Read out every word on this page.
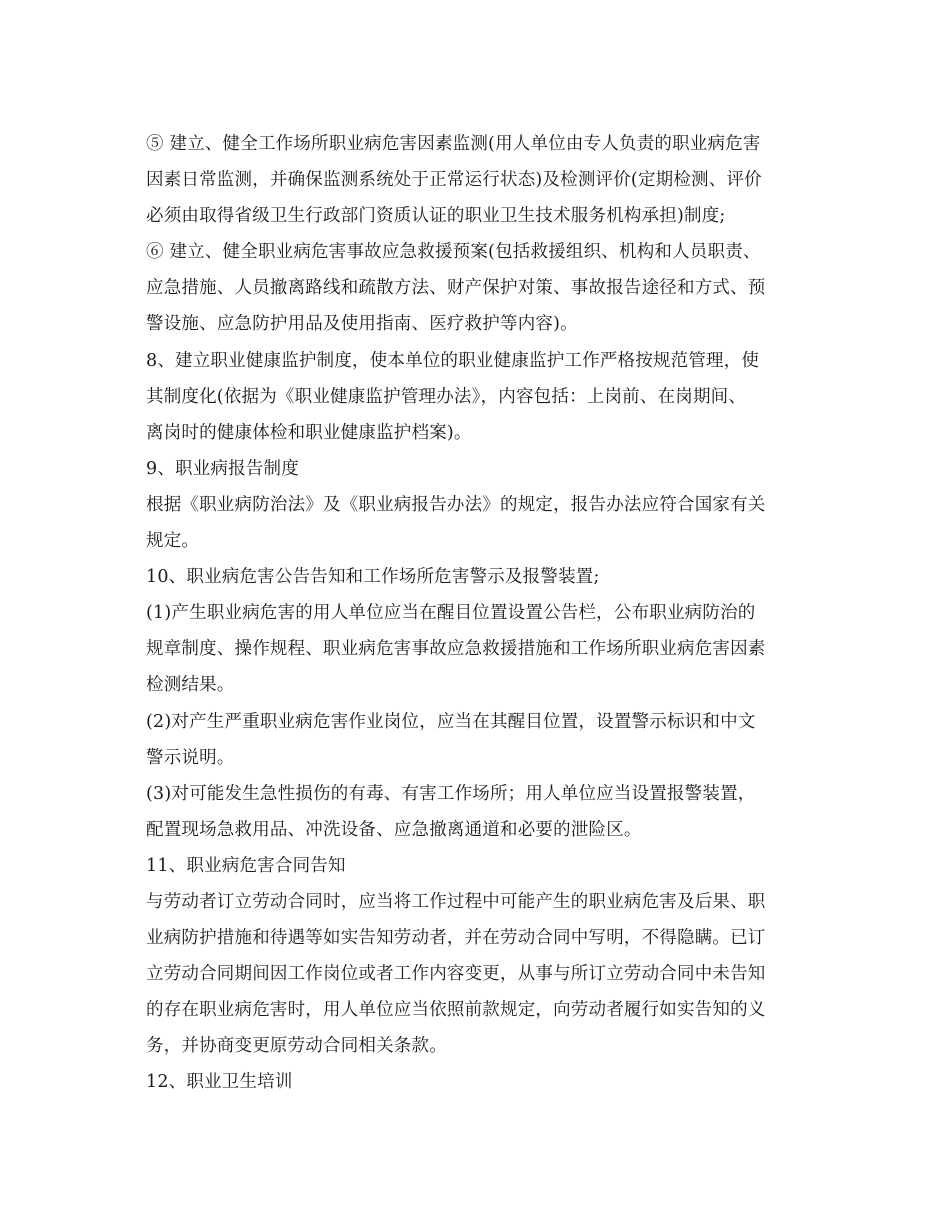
⑤ 建立、健全工作场所职业病危害因素监测(用人单位由专人负责的职业病危害
因素日常监测，并确保监测系统处于正常运行状态)及检测评价(定期检测、评价
必须由取得省级卫生行政部门资质认证的职业卫生技术服务机构承担)制度;
⑥ 建立、健全职业病危害事故应急救援预案(包括救援组织、机构和人员职责、
应急措施、人员撤离路线和疏散方法、财产保护对策、事故报告途径和方式、预
警设施、应急防护用品及使用指南、医疗救护等内容)。
8、建立职业健康监护制度，使本单位的职业健康监护工作严格按规范管理，使
其制度化(依据为《职业健康监护管理办法》，内容包括：上岗前、在岗期间、
离岗时的健康体检和职业健康监护档案)。
9、职业病报告制度
根据《职业病防治法》及《职业病报告办法》的规定，报告办法应符合国家有关
规定。
10、职业病危害公告告知和工作场所危害警示及报警装置;
(1)产生职业病危害的用人单位应当在醒目位置设置公告栏，公布职业病防治的
规章制度、操作规程、职业病危害事故应急救援措施和工作场所职业病危害因素
检测结果。
(2)对产生严重职业病危害作业岗位，应当在其醒目位置，设置警示标识和中文
警示说明。
(3)对可能发生急性损伤的有毒、有害工作场所；用人单位应当设置报警装置，
配置现场急救用品、冲洗设备、应急撤离通道和必要的泄险区。
11、职业病危害合同告知
与劳动者订立劳动合同时，应当将工作过程中可能产生的职业病危害及后果、职
业病防护措施和待遇等如实告知劳动者，并在劳动合同中写明，不得隐瞒。已订
立劳动合同期间因工作岗位或者工作内容变更，从事与所订立劳动合同中未告知
的存在职业病危害时，用人单位应当依照前款规定，向劳动者履行如实告知的义
务，并协商变更原劳动合同相关条款。
12、职业卫生培训
